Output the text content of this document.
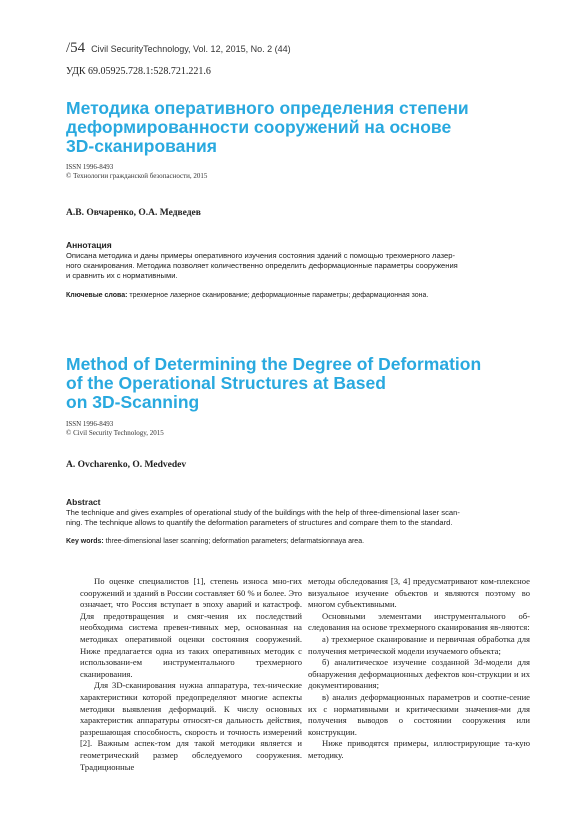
/54 Civil SecurityTechnology, Vol. 12, 2015, No. 2 (44)
УДК 69.05925.728.1:528.721.221.6
Методика оперативного определения степени
деформированности сооружений на основе
3D-сканирования
ISSN 1996-8493
© Технологии гражданской безопасности, 2015
А.В. Овчаренко, О.А. Медведев
Аннотация
Описана методика и даны примеры оперативного изучения состояния зданий с помощью трехмерного лазер-
ного сканирования. Методика позволяет количественно определить деформационные параметры сооружения
и сравнить их с нормативными.
Ключевые слова: трехмерное лазерное сканирование; деформационные параметры; дефармационная зона.
Method of Determining the Degree of Deformation
of the Operational Structures at Based
on 3D-Scanning
ISSN 1996-8493
© Civil Security Technology, 2015
A. Ovcharenko, O. Medvedev
Abstract
The technique and gives examples of operational study of the buildings with the help of three-dimensional laser scan-
ning. The technique allows to quantify the deformation parameters of structures and compare them to the standard.
Key words: three-dimensional laser scanning; deformation parameters; defarmatsionnaya area.

По оценке специалистов [1], степень износа мно-гих сооружений и зданий в России составляет 60 % и более. Это означает, что Россия вступает в эпоху аварий и катастроф. Для предотвращения и смяг-чения их последствий необходима система превен-тивных мер, основанная на методиках оперативной оценки состояния сооружений. Ниже предлагается одна из таких оперативных методик с использовани-ем инструментального трехмерного сканирования.

Для 3D-сканирования нужна аппаратура, тех-нические характеристики которой предопределяют многие аспекты методики выявления деформаций. К числу основных характеристик аппаратуры относят-ся дальность действия, разрешающая способность, скорость и точность измерений [2]. Важным аспек-том для такой методики является и геометрический размер обследуемого сооружения. Традиционные

методы обследования [3, 4] предусматривают ком-плексное визуальное изучение объектов и являются поэтому во многом субъективными.

Основными элементами инструментального об-следования на основе трехмерного сканирования яв-ляются:

а) трехмерное сканирование и первичная обработка для получения метрической модели изучаемого объекта;

б) аналитическое изучение созданной 3d-модели для обнаружения деформационных дефектов кон-струкции и их документирования;

в) анализ деформационных параметров и соотне-сение их с нормативными и критическими значения-ми для получения выводов о состоянии сооружения или конструкции.

Ниже приводятся примеры, иллюстрирующие та-кую методику.
